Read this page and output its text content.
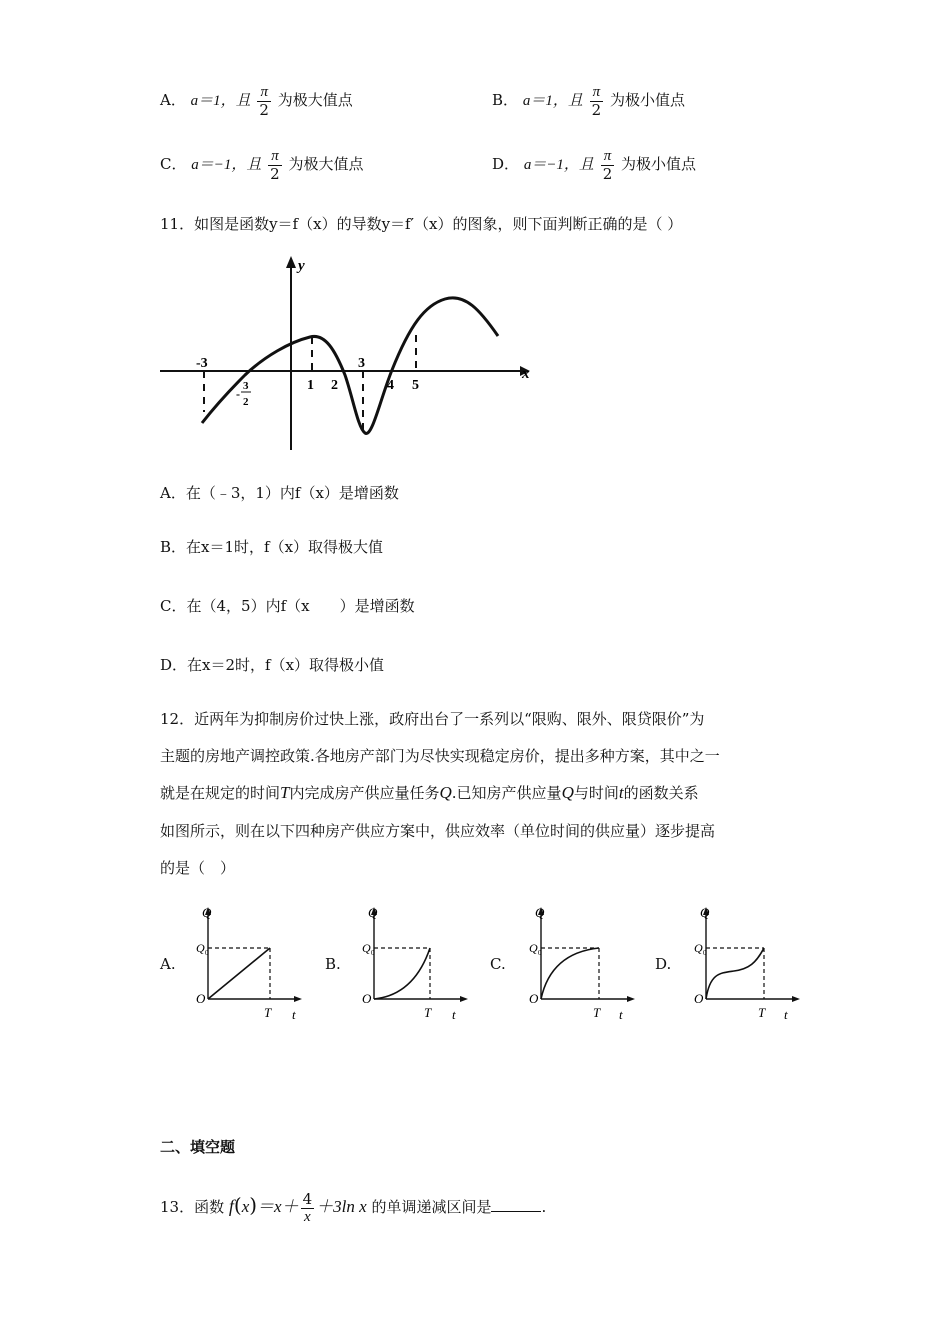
A． a＝1，且 $\frac{\pi}{2}$ 为极大值点	B． a＝1，且 $\frac{\pi}{2}$ 为极小值点
C． a＝−1，且 $\frac{\pi}{2}$ 为极大值点	D． a＝−1，且 $\frac{\pi}{2}$ 为极小值点
11．如图是函数y＝f（x）的导数y＝f′（x）的图象，则下面判断正确的是（ ）
y
x
-3
-
3
2
1 2
3
4 5
A．在（﹣3，1）内f（x）是增函数
B．在x＝1时，f（x）取得极大值
C．在（4，5）内f（x　　）是增函数
D．在x＝2时，f（x）取得极小值
12．近两年为抑制房价过快上涨，政府出台了一系列以“限购、限外、限贷限价”为
主题的房地产调控政策.各地房产部门为尽快实现稳定房价，提出多种方案，其中之一
就是在规定的时间T内完成房产供应量任务Q.已知房产供应量Q与时间t的函数关系
如图所示，则在以下四种房产供应方案中，供应效率（单位时间的供应量）逐步提高
的是（　）
A.	B.	C.	D.
Q
Q 0
O
T t
Q
Q 0
O
T t
Q
Q 0
O
T t
Q
Q 0
O
T t
二、填空题
13．函数 $f(x)=x+ \frac{4}{x} +3\ln$ x 的单调递减区间是	.
